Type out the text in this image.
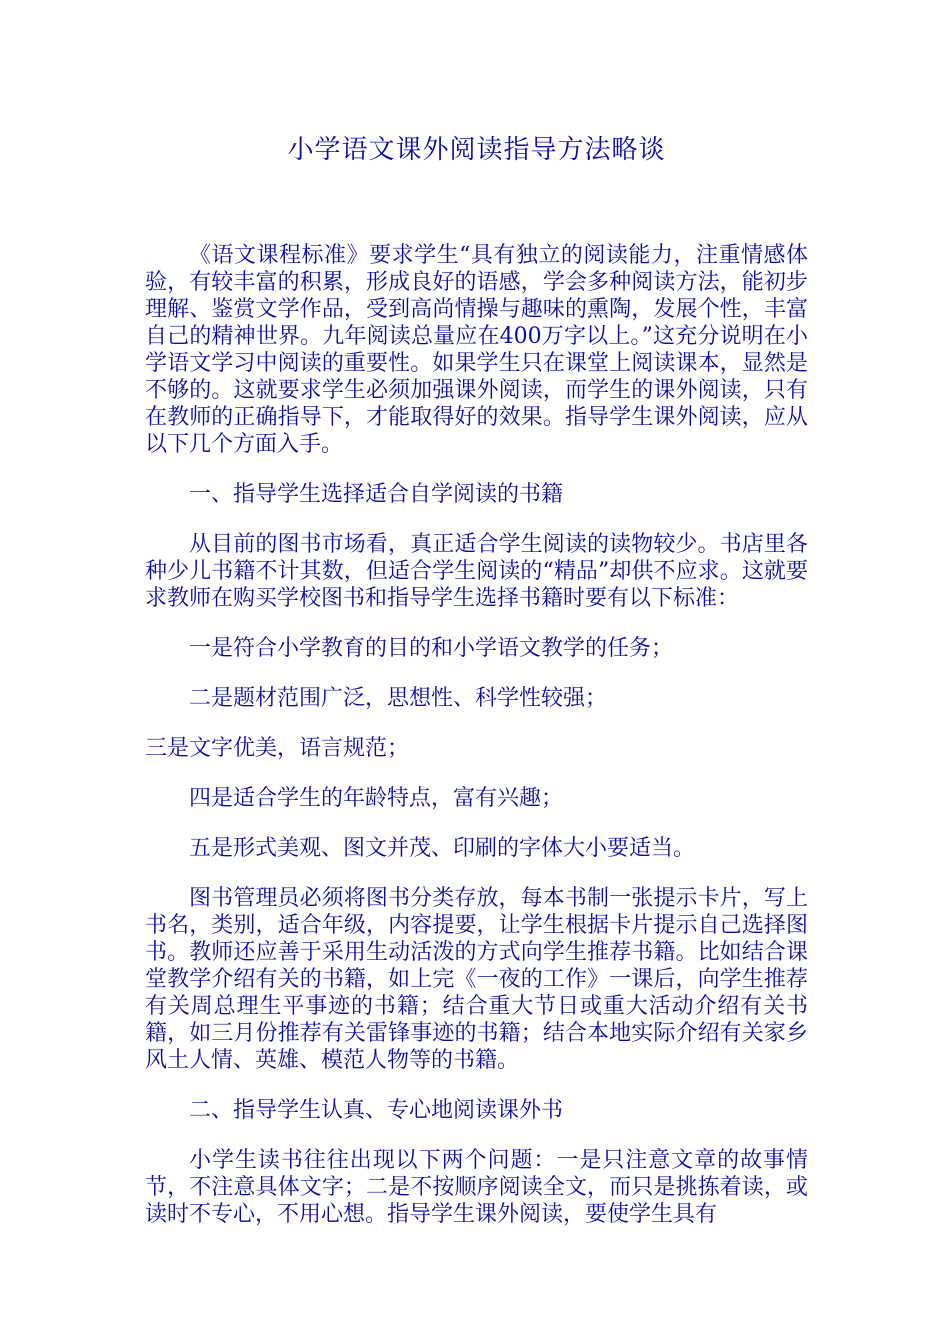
小学语文课外阅读指导方法略谈

《语文课程标准》要求学生“具有独立的阅读能力，注重情感体验，有较丰富的积累，形成良好的语感，学会多种阅读方法，能初步理解、鉴赏文学作品，受到高尚情操与趣味的熏陶，发展个性，丰富自己的精神世界。九年阅读总量应在400万字以上。”这充分说明在小学语文学习中阅读的重要性。如果学生只在课堂上阅读课本，显然是不够的。这就要求学生必须加强课外阅读，而学生的课外阅读，只有在教师的正确指导下，才能取得好的效果。指导学生课外阅读，应从以下几个方面入手。

一、指导学生选择适合自学阅读的书籍

从目前的图书市场看，真正适合学生阅读的读物较少。书店里各种少儿书籍不计其数，但适合学生阅读的“精品”却供不应求。这就要求教师在购买学校图书和指导学生选择书籍时要有以下标准：

一是符合小学教育的目的和小学语文教学的任务；

二是题材范围广泛，思想性、科学性较强；

三是文字优美，语言规范；

四是适合学生的年龄特点，富有兴趣；

五是形式美观、图文并茂、印刷的字体大小要适当。

图书管理员必须将图书分类存放，每本书制一张提示卡片，写上书名，类别，适合年级，内容提要，让学生根据卡片提示自己选择图书。教师还应善于采用生动活泼的方式向学生推荐书籍。比如结合课堂教学介绍有关的书籍，如上完《一夜的工作》一课后，向学生推荐有关周总理生平事迹的书籍；结合重大节日或重大活动介绍有关书籍，如三月份推荐有关雷锋事迹的书籍；结合本地实际介绍有关家乡风土人情、英雄、模范人物等的书籍。

二、指导学生认真、专心地阅读课外书

小学生读书往往出现以下两个问题：一是只注意文章的故事情节，不注意具体文字；二是不按顺序阅读全文，而只是挑拣着读，或读时不专心，不用心想。指导学生课外阅读，要使学生具有
